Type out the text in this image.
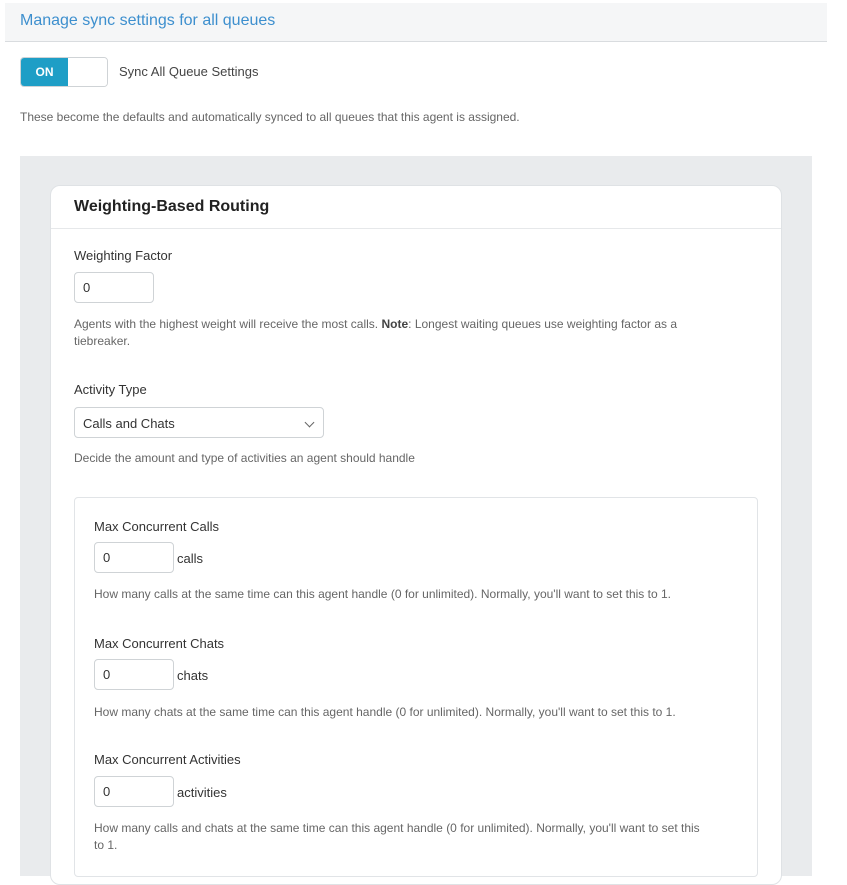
Manage sync settings for all queues
ON	Sync All Queue Settings
These become the defaults and automatically synced to all queues that this agent is assigned.
Weighting-Based Routing
Weighting Factor
0
Agents with the highest weight will receive the most calls. Note: Longest waiting queues use weighting factor as a
tiebreaker.
Activity Type
Calls and Chats
Decide the amount and type of activities an agent should handle
Max Concurrent Calls
0
calls
How many calls at the same time can this agent handle (0 for unlimited). Normally, you'll want to set this to 1.
Max Concurrent Chats
0
chats
How many chats at the same time can this agent handle (0 for unlimited). Normally, you'll want to set this to 1.
Max Concurrent Activities
0
activities
How many calls and chats at the same time can this agent handle (0 for unlimited). Normally, you'll want to set this
to 1.
